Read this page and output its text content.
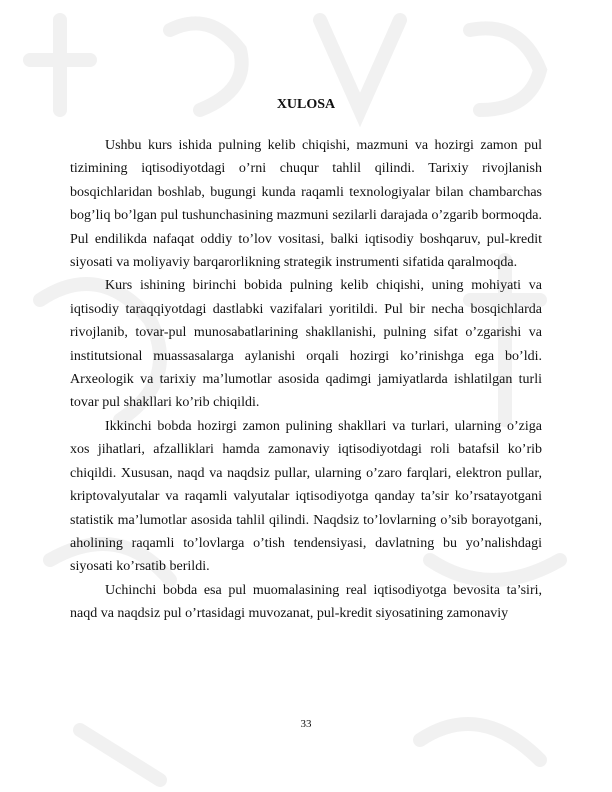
XULOSA

Ushbu kurs ishida pulning kelib chiqishi, mazmuni va hozirgi zamon pul tizimining iqtisodiyotdagi o’rni chuqur tahlil qilindi. Tarixiy rivojlanish bosqichlaridan boshlab, bugungi kunda raqamli texnologiyalar bilan chambarchas bog’liq bo’lgan pul tushunchasining mazmuni sezilarli darajada o’zgarib bormoqda. Pul endilikda nafaqat oddiy to’lov vositasi, balki iqtisodiy boshqaruv, pul-kredit siyosati va moliyaviy barqarorlikning strategik instrumenti sifatida qaralmoqda.

Kurs ishining birinchi bobida pulning kelib chiqishi, uning mohiyati va iqtisodiy taraqqiyotdagi dastlabki vazifalari yoritildi. Pul bir necha bosqichlarda rivojlanib, tovar-pul munosabatlarining shakllanishi, pulning sifat o’zgarishi va institutsional muassasalarga aylanishi orqali hozirgi ko’rinishga ega bo’ldi. Arxeologik va tarixiy ma’lumotlar asosida qadimgi jamiyatlarda ishlatilgan turli tovar pul shakllari ko’rib chiqildi.

Ikkinchi bobda hozirgi zamon pulining shakllari va turlari, ularning o’ziga xos jihatlari, afzalliklari hamda zamonaviy iqtisodiyotdagi roli batafsil ko’rib chiqildi. Xususan, naqd va naqdsiz pullar, ularning o’zaro farqlari, elektron pullar, kriptovalyutalar va raqamli valyutalar iqtisodiyotga qanday ta’sir ko’rsatayotgani statistik ma’lumotlar asosida tahlil qilindi. Naqdsiz to’lovlarning o’sib borayotgani, aholining raqamli to’lovlarga o’tish tendensiyasi, davlatning bu yo’nalishdagi siyosati ko’rsatib berildi.

Uchinchi bobda esa pul muomalasining real iqtisodiyotga bevosita ta’siri, naqd va naqdsiz pul o’rtasidagi muvozanat, pul-kredit siyosatining zamonaviy

33
